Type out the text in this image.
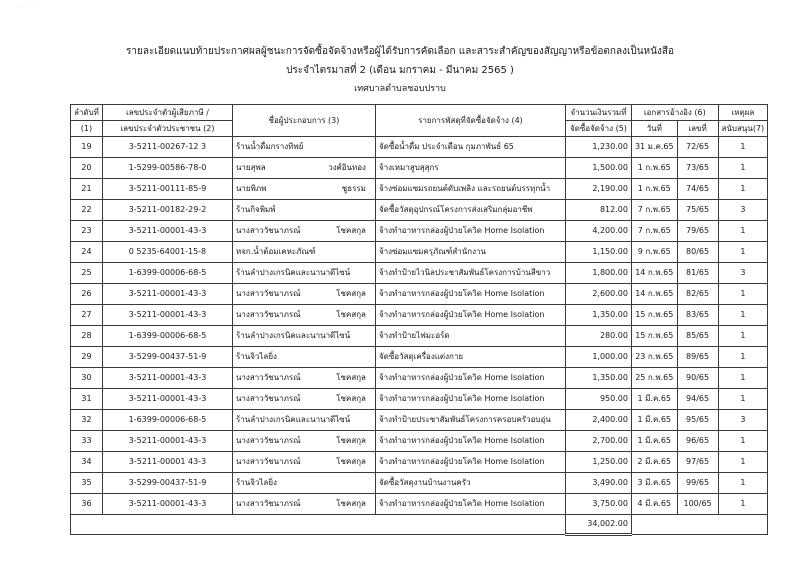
· · ·
รายละเอียดแนบท้ายประกาศผลผู้ชนะการจัดซื้อจัดจ้างหรือผู้ได้รับการคัดเลือก และสาระสำคัญของสัญญาหรือข้อตกลงเป็นหนังสือ
ประจำไตรมาสที่ 2 (เดือน มกราคม - มีนาคม 2565 )
เทศบาลตำบลชอบปราบ
ลำดับที่	เลขประจำตัวผู้เสียภาษี /	ชื่อผู้ประกอบการ (3)	รายการพัสดุที่จัดซื้อจัดจ้าง (4)	จำนวนเงินรวมที่	เอกสารอ้างอิง (6)		เหตุผล
(1)	เลขประจำตัวประชาชน (2)			จัดซื้อจัดจ้าง (5)	วันที่	เลขที่	สนับสนุน(7)
19	3-5211-00267-12 3	ร้านน้ำดื่มกรางทิพย์	จัดซื้อน้ำดื่ม ประจำเดือน กุมภาพันธ์ 65	1,230.00	31 ม.ค.65	72/65	1
20	1-5299-00586-78-0	นายสุพล วงศ์อินทอง	จ้างเหมาสูบสุสุกร	1,500.00	1 ก.พ.65	73/65	1
21	3-5211-00111-85-9	นายพิภพ ชูธรรม	จ้างซ่อมแซมรถยนต์ดับเพลิง และรถยนต์บรรทุกน้ำ	2,190.00	1 ก.พ.65	74/65	1
22	3-5211-00182-29-2	ร้านกิจพิมพ์	จัดซื้อวัสดุอุปกรณ์โครงการส่งเสริมกลุ่มอาชีพ	812.00	7 ก.พ.65	75/65	3
23	3-5211-00001-43-3	นางสาววัชนาภรณ์ โชคสกุล	จ้างทำอาหารกล่องผู้ป่วยโควิด Home Isolation	4,200.00	7 ก.พ.65	79/65	1
24	0 5235-64001-15-8	หจก.น้ำต้อมเคหะภัณฑ์	จ้างซ่อมแซมครุภัณฑ์สำนักงาน	1,150.00	9 ก.พ.65	80/65	1
25	1-6399-00006-68-5	ร้านลำปางเกรนิคและนานาดีไซน์	จ้างทำป้ายไวนิลประชาสัมพันธ์โครงการบ้านสีขาว	1,800.00	14 ก.พ.65	81/65	3
26	3-5211-00001-43-3	นางสาววัชนาภรณ์ โชคสกุล	จ้างทำอาหารกล่องผู้ป่วยโควิด Home Isolation	2,600.00	14 ก.พ.65	82/65	1
27	3-5211-00001-43-3	นางสาววัชนาภรณ์ โชคสกุล	จ้างทำอาหารกล่องผู้ป่วยโควิด Home Isolation	1,350.00	15 ก.พ.65	83/65	1
28	1-6399-00006-68-5	ร้านลำปางเกรนิคและนานาดีไซน์	จ้างทำป้ายไฟมะอร์ด	280.00	15 ก.พ.65	85/65	1
29	3-5299-00437-51-9	ร้านจิวไลยิ่ง	จัดซื้อวัสดุเครื่องแต่งกาย	1,000.00	23 ก.พ.65	89/65	1
30	3-5211-00001-43-3	นางสาววัชนาภรณ์ โชคสกุล	จ้างทำอาหารกล่องผู้ป่วยโควิด Home Isolation	1,350.00	25 ก.พ.65	90/65	1
31	3-5211-00001-43-3	นางสาววัชนาภรณ์ โชคสกุล	จ้างทำอาหารกล่องผู้ป่วยโควิด Home Isolation	950.00	1 มี.ค.65	94/65	1
32	1-6399-00006-68-5	ร้านลำปางเกรนิคและนานาดีไซน์	จ้างทำป้ายประชาสัมพันธ์โครงการครอบครัวอบอุ่น	2,400.00	1 มี.ค.65	95/65	3
33	3-5211-00001-43-3	นางสาววัชนาภรณ์ โชคสกุล	จ้างทำอาหารกล่องผู้ป่วยโควิด Home Isolation	2,700.00	1 มี.ค.65	96/65	1
34	3-5211-00001 43-3	นางสาววัชนาภรณ์ โชคสกุล	จ้างทำอาหารกล่องผู้ป่วยโควิด Home Isolation	1,250.00	2 มี.ค.65	97/65	1
35	3-5299-00437-51-9	ร้านจิวไลยิ่ง	จัดซื้อวัสดุงานบ้านงานครัว	3,490.00	3 มี.ค.65	99/65	1
36	3-5211-00001-43-3	นางสาววัชนาภรณ์ โชคสกุล	จ้างทำอาหารกล่องผู้ป่วยโควิด Home Isolation	3,750.00	4 มี.ค.65	100/65	1
				34,002.00			
